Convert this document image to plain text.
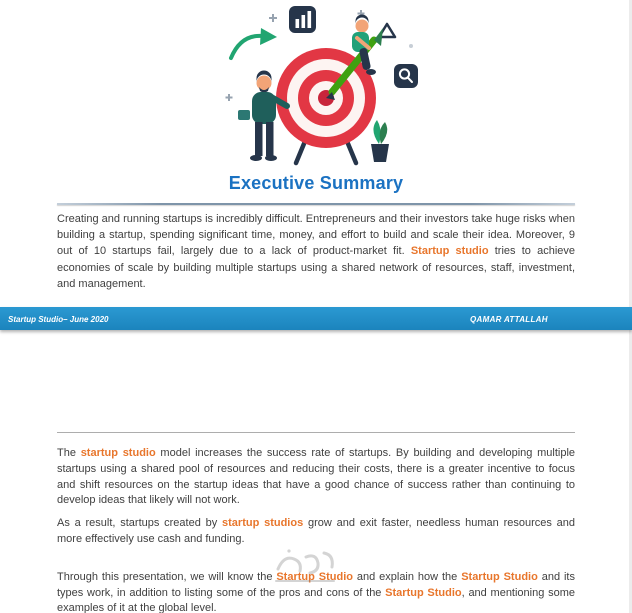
Executive Summary
Creating and running startups is incredibly difficult. Entrepreneurs and their investors take huge risks when building a startup, spending significant time, money, and effort to build and scale their idea. Moreover, 9 out of 10 startups fail, largely due to a lack of product-market fit. Startup studio tries to achieve economies of scale by building multiple startups using a shared network of resources, staff, investment, and management.
Startup Studio– June 2020	QAMAR ATTALLAH

The startup studio model increases the success rate of startups. By building and developing multiple startups using a shared pool of resources and reducing their costs, there is a greater incentive to focus and shift resources on the startup ideas that have a good chance of success rather than continuing to develop ideas that likely will not work.

As a result, startups created by startup studios grow and exit faster, needless human resources and more effectively use cash and funding.

Through this presentation, we will know the Startup Studio and explain how the Startup Studio and its types work, in addition to listing some of the pros and cons of the Startup Studio, and mentioning some examples of it at the global level.
